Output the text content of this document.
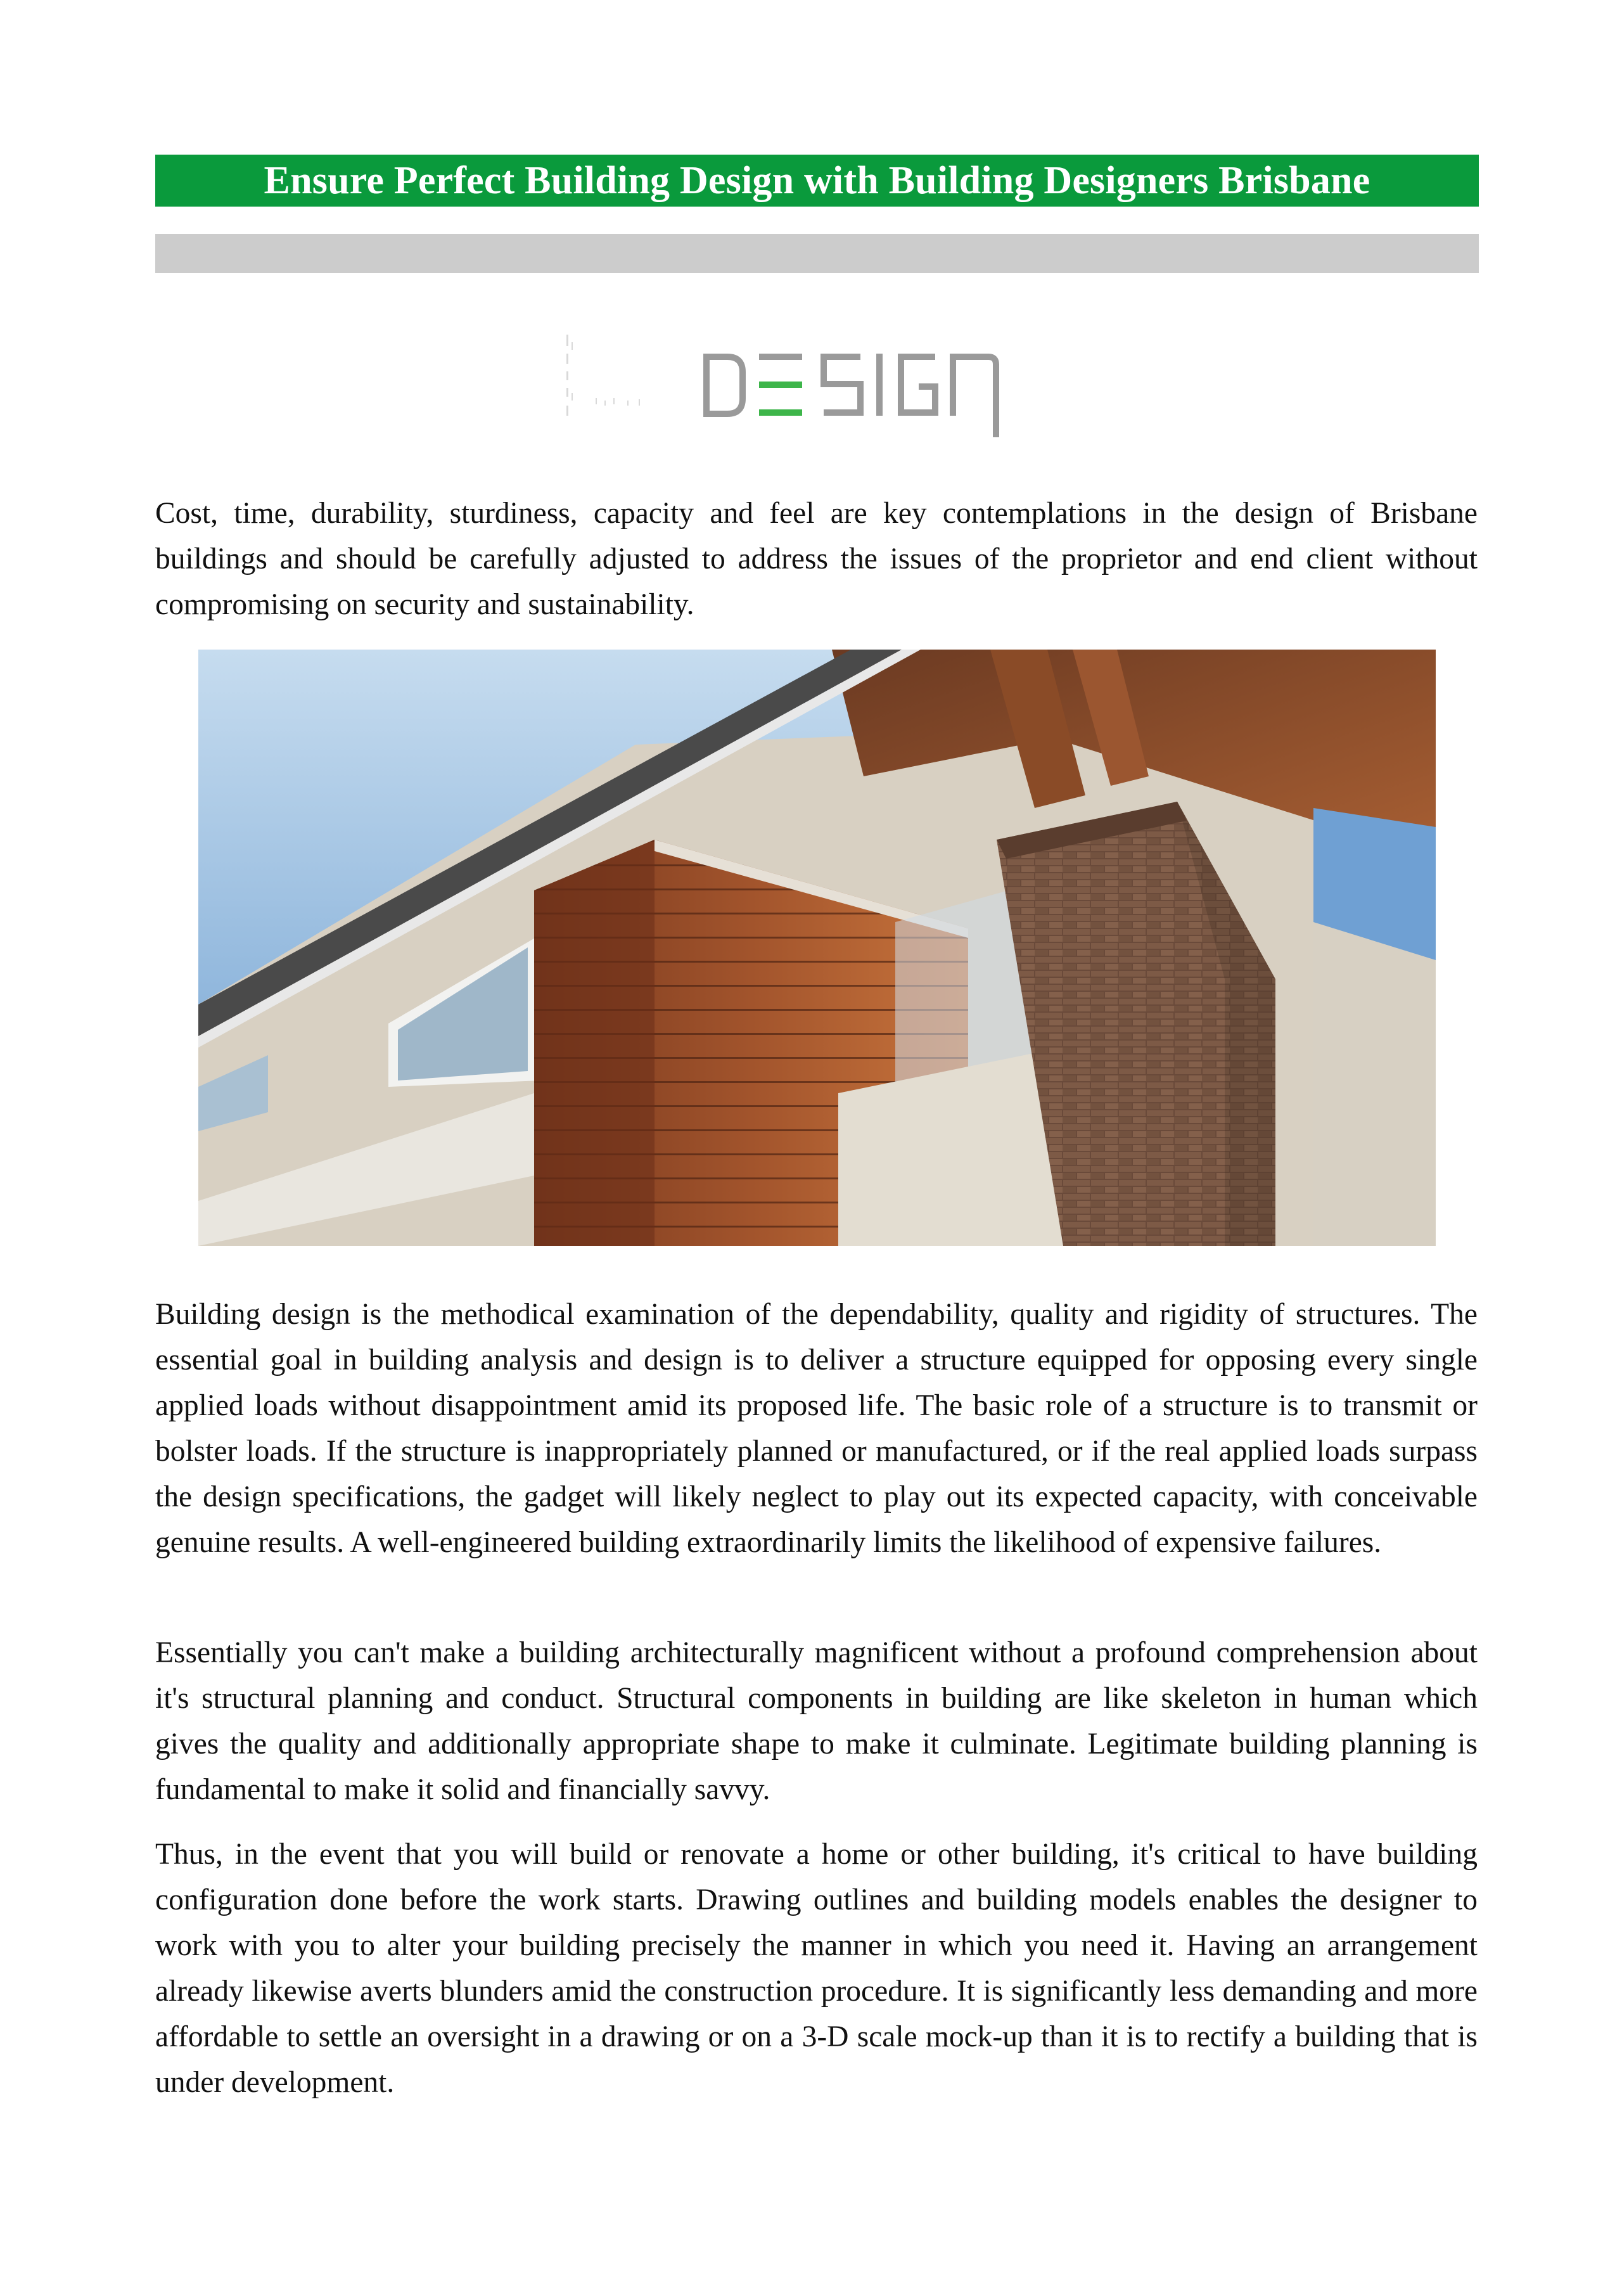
Ensure Perfect Building Design with Building Designers Brisbane

Cost, time, durability, sturdiness, capacity and feel are key contemplations in the design of Brisbane buildings and should be carefully adjusted to address the issues of the proprietor and end client without compromising on security and sustainability.

Building design is the methodical examination of the dependability, quality and rigidity of structures. The essential goal in building analysis and design is to deliver a structure equipped for opposing every single applied loads without disappointment amid its proposed life. The basic role of a structure is to transmit or bolster loads. If the structure is inappropriately planned or manufactured, or if the real applied loads surpass the design specifications, the gadget will likely neglect to play out its expected capacity, with conceivable genuine results. A well-engineered building extraordinarily limits the likelihood of expensive failures.

Essentially you can't make a building architecturally magnificent without a profound comprehension about it's structural planning and conduct. Structural components in building are like skeleton in human which gives the quality and additionally appropriate shape to make it culminate. Legitimate building planning is fundamental to make it solid and financially savvy.

Thus, in the event that you will build or renovate a home or other building, it's critical to have building configuration done before the work starts. Drawing outlines and building models enables the designer to work with you to alter your building precisely the manner in which you need it. Having an arrangement already likewise averts blunders amid the construction procedure. It is significantly less demanding and more affordable to settle an oversight in a drawing or on a 3-D scale mock-up than it is to rectify a building that is under development.
